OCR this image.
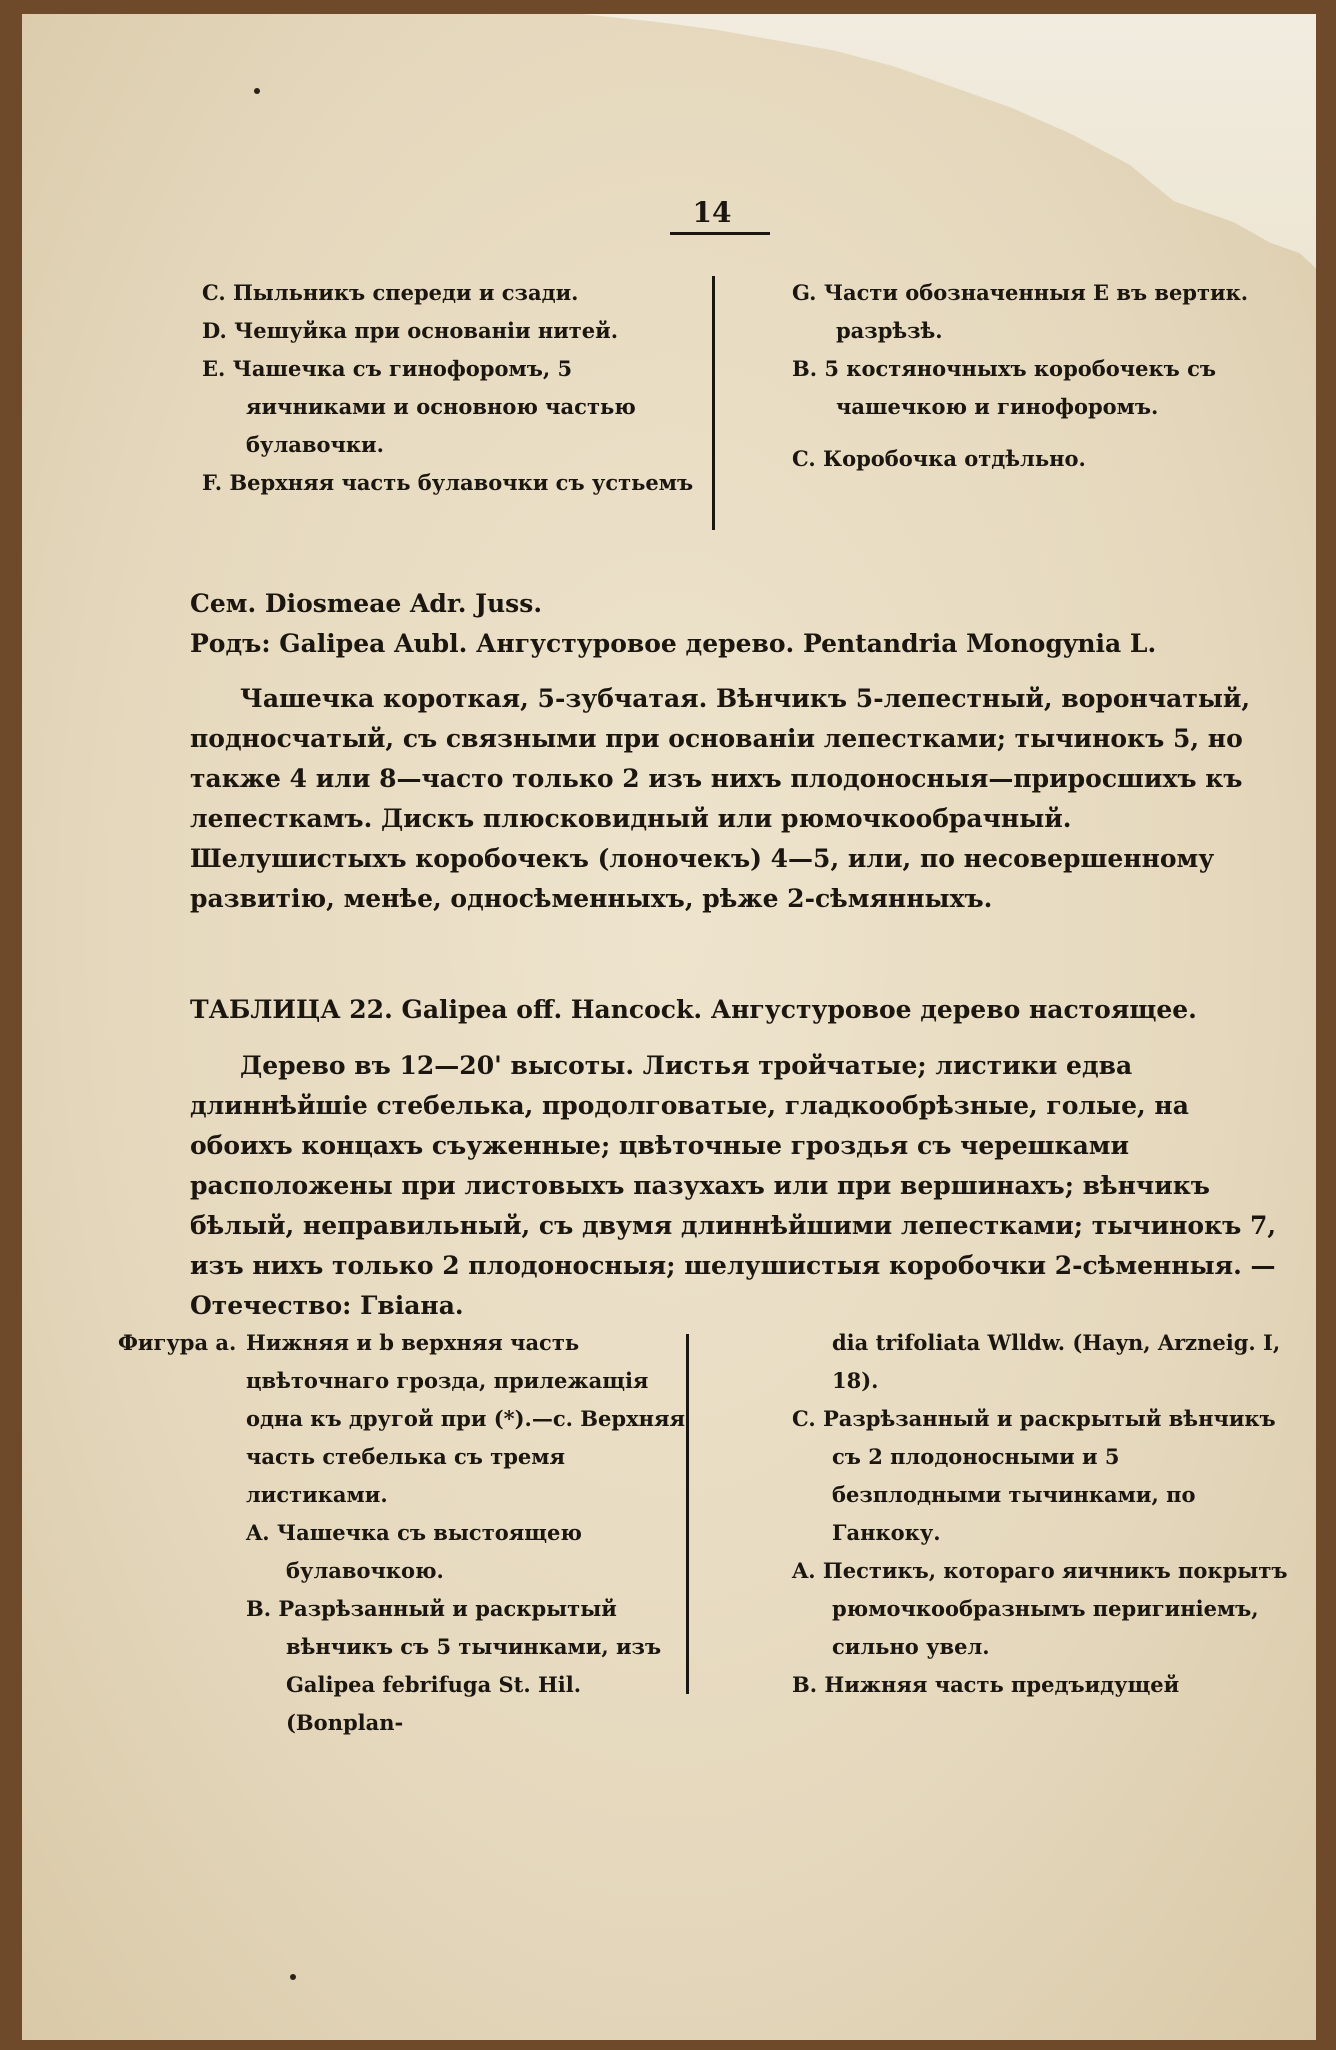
14
C. Пыльникъ спереди и сзади.
D. Чешуйка при основанiи нитей.
E. Чашечка съ гинофоромъ, 5 яичниками и основною частью булавочки.
F. Верхняя часть булавочки съ устьемъ
G. Части обозначенныя E въ вертик. разрѣзѣ.
B. 5 костяночныхъ коробочекъ съ чашечкою и гинофоромъ.
C. Коробочка отдѣльно.

Сем. Diosmeae Adr. Juss.

Родъ: Galipea Aubl. Ангустуровое дерево. Pentandria Monogynia L.

Чашечка короткая, 5-зубчатая. Вѣнчикъ 5-лепестный, ворончатый, подносчатый, съ связными при основанiи лепестками; тычинокъ 5, но также 4 или 8—часто только 2 изъ нихъ плодоносныя—приросшихъ къ лепесткамъ. Дискъ плюсковидный или рюмочкообрачный. Шелушистыхъ коробочекъ (лоночекъ) 4—5, или, по несовершенному развитiю, менѣе, односѣменныхъ, рѣже 2-сѣмянныхъ.

ТАБЛИЦА 22. Galipea off. Hancock. Ангустуровое дерево настоящее.

Дерево въ 12—20' высоты. Листья тройчатые; листики едва длиннѣйшiе стебелька, продолговатые, гладкообрѣзные, голые, на обоихъ концахъ съуженные; цвѣточные гроздья съ черешками расположены при листовыхъ пазухахъ или при вершинахъ; вѣнчикъ бѣлый, неправильный, съ двумя длиннѣйшими лепестками; тычинокъ 7, изъ нихъ только 2 плодоносныя; шелушистыя коробочки 2-сѣменныя. — Отечество: Гвiана.

Фигура a. Нижняя и b верхняя часть цвѣточнаго грозда, прилежащiя одна къ другой при (*).—c. Верхняя часть стебелька съ тремя листиками.
A. Чашечка съ выстоящею булавочкою.
B. Разрѣзанный и раскрытый вѣнчикъ съ 5 тычинками, изъ Galipea febrifuga St. Hil. (Bonplan-
dia trifoliata Wlldw. (Hayn, Arzneig. I, 18).
C. Разрѣзанный и раскрытый вѣнчикъ съ 2 плодоносными и 5 безплодными тычинками, по Ганкоку.
A. Пестикъ, котораго яичникъ покрытъ рюмочкообразнымъ перигинiемъ, сильно увел.
B. Нижняя часть предъидущей
